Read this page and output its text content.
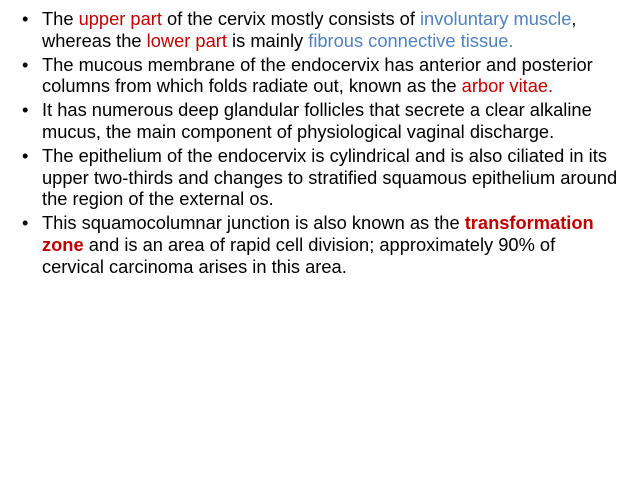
• The upper part of the cervix mostly consists of involuntary muscle, whereas the lower part is mainly fibrous connective tissue.
• The mucous membrane of the endocervix has anterior and posterior columns from which folds radiate out, known as the arbor vitae.
• It has numerous deep glandular follicles that secrete a clear alkaline mucus, the main component of physiological vaginal discharge.
• The epithelium of the endocervix is cylindrical and is also ciliated in its upper two-thirds and changes to stratified squamous epithelium around the region of the external os.
• This squamocolumnar junction is also known as the transformation zone and is an area of rapid cell division; approximately 90% of cervical carcinoma arises in this area.
